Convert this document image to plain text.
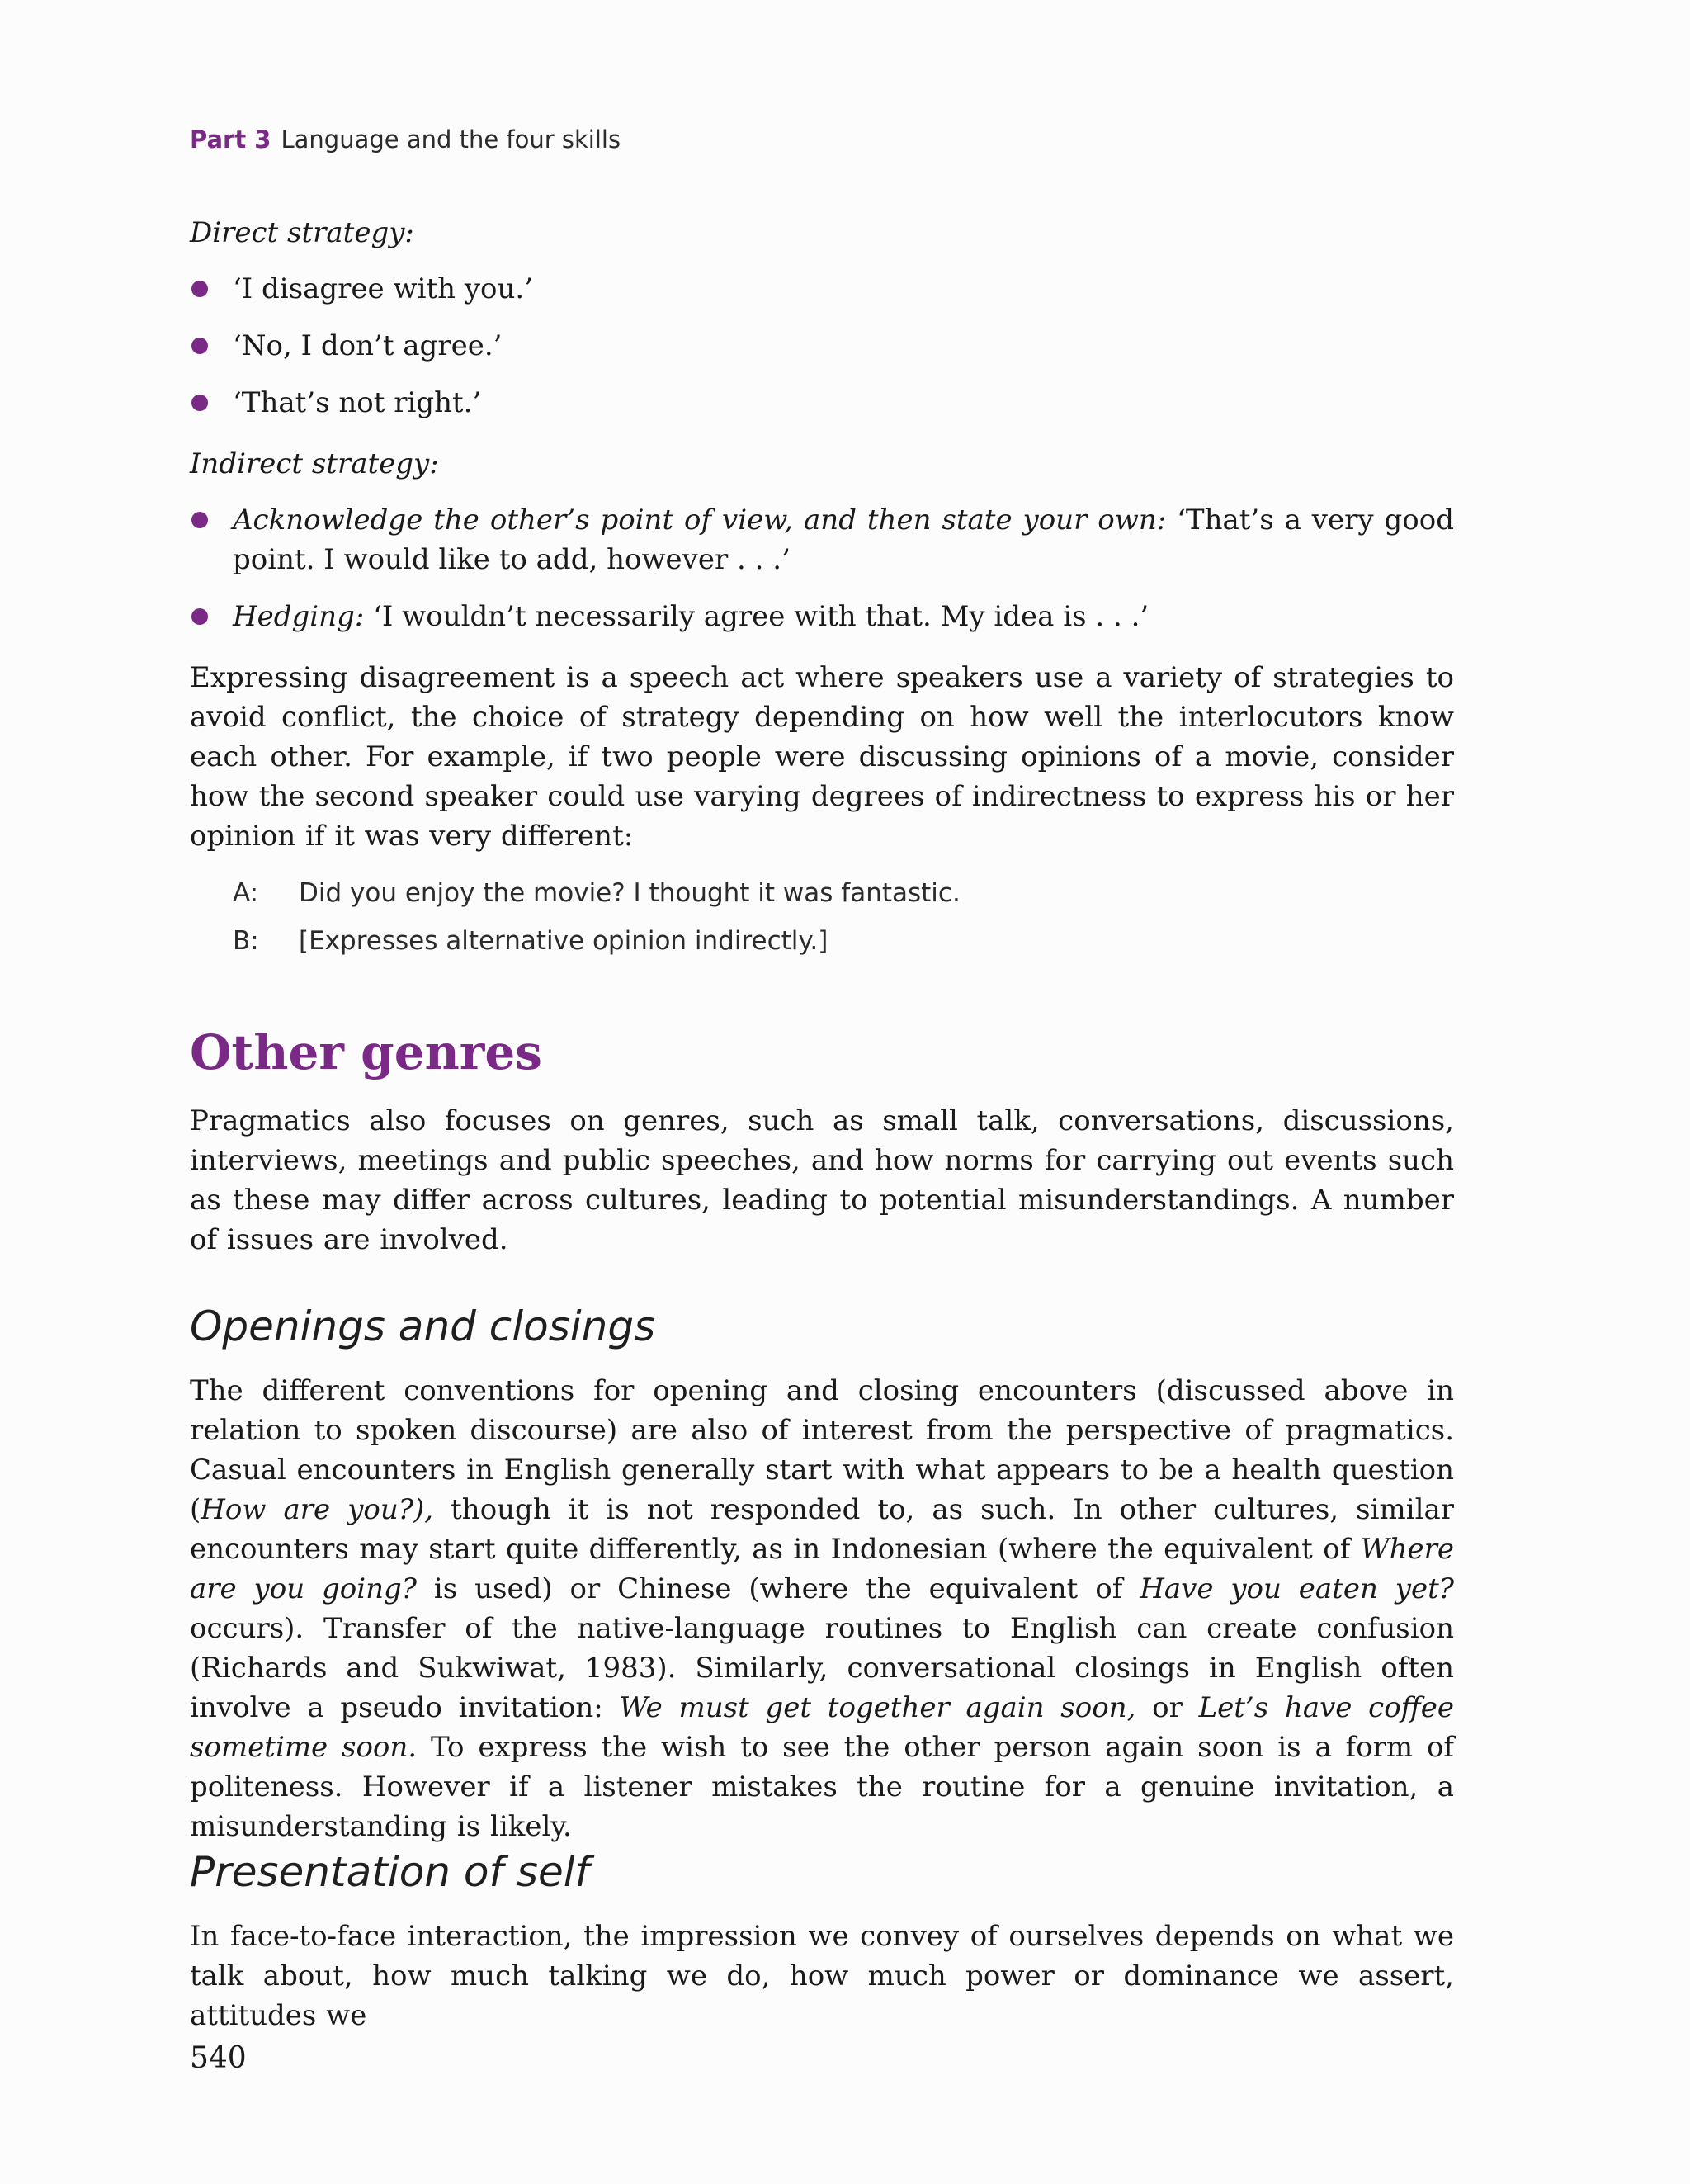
Part 3 Language and the four skills
Direct strategy:
‘I disagree with you.’
‘No, I don’t agree.’
‘That’s not right.’
Indirect strategy:
Acknowledge the other’s point of view, and then state your own: ‘That’s a very good point. I would like to add, however . . .’
Hedging: ‘I wouldn’t necessarily agree with that. My idea is . . .’

Expressing disagreement is a speech act where speakers use a variety of strategies to avoid conflict, the choice of strategy depending on how well the interlocutors know each other. For example, if two people were discussing opinions of a movie, consider how the second speaker could use varying degrees of indirectness to express his or her opinion if it was very different:

A: Did you enjoy the movie? I thought it was fantastic.
B: [Expresses alternative opinion indirectly.]
Other genres

Pragmatics also focuses on genres, such as small talk, conversations, discussions, interviews, meetings and public speeches, and how norms for carrying out events such as these may differ across cultures, leading to potential misunderstandings. A number of issues are involved.

Openings and closings

The different conventions for opening and closing encounters (discussed above in relation to spoken discourse) are also of interest from the perspective of pragmatics. Casual encounters in English generally start with what appears to be a health question (How are you?), though it is not responded to, as such. In other cultures, similar encounters may start quite differently, as in Indonesian (where the equivalent of Where are you going? is used) or Chinese (where the equivalent of Have you eaten yet? occurs). Transfer of the native-language routines to English can create confusion (Richards and Sukwiwat, 1983). Similarly, conversational closings in English often involve a pseudo invitation: We must get together again soon, or Let’s have coffee sometime soon. To express the wish to see the other person again soon is a form of politeness. However if a listener mistakes the routine for a genuine invitation, a misunderstanding is likely.

Presentation of self

In face-to-face interaction, the impression we convey of ourselves depends on what we talk about, how much talking we do, how much power or dominance we assert, attitudes we

540
